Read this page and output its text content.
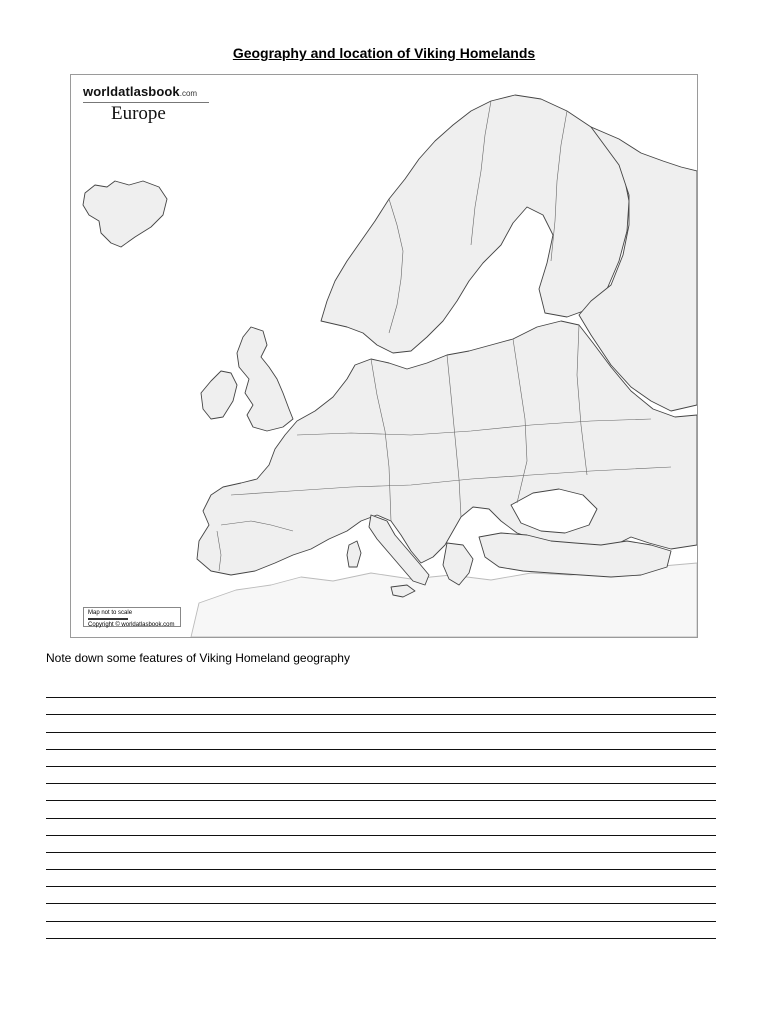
Geography and location of Viking Homelands
worldatlasbook.com
Europe
Map not to scale
Copyright © worldatlasbook.com

Note down some features of Viking Homeland geography
